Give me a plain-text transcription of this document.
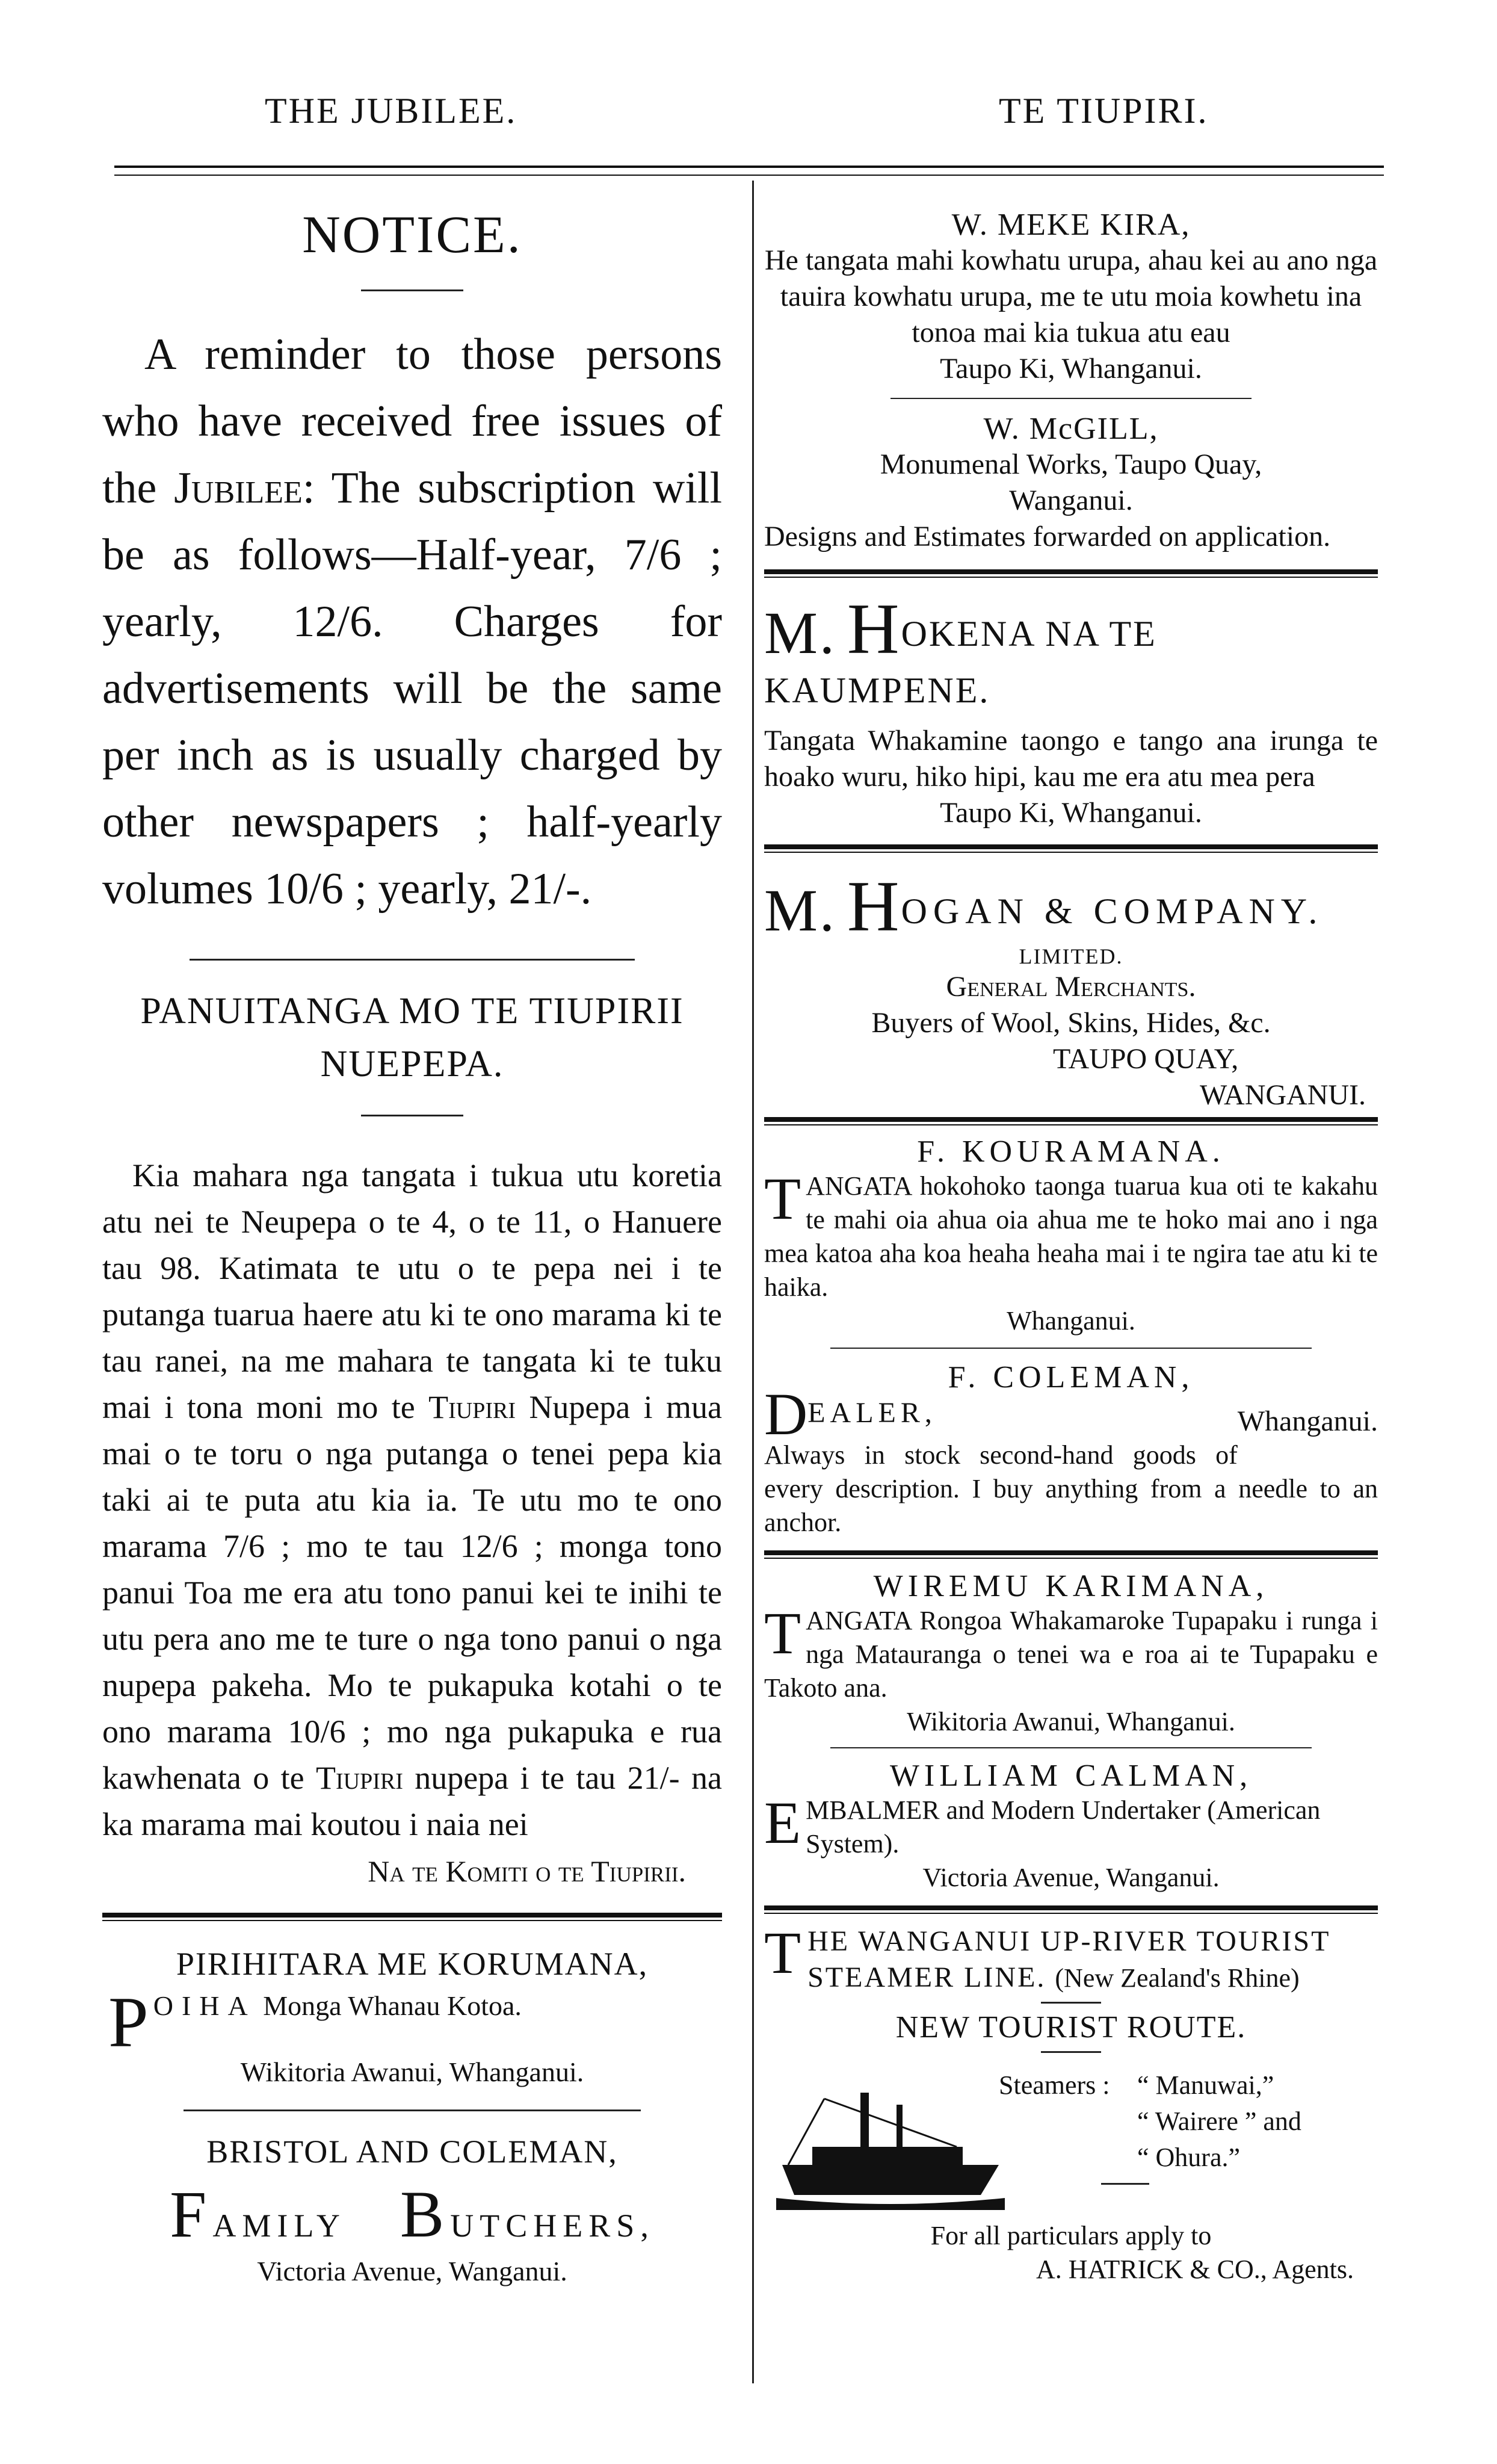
THE JUBILEE.	TE TIUPIRI.
NOTICE.

A reminder to those persons who have received free issues of the Jubilee: The subscription will be as follows—Half-year, 7/6 ; yearly, 12/6. Charges for advertisements will be the same per inch as is usually charged by other newspapers ; half-yearly volumes 10/6 ; yearly, 21/-.

PANUITANGA MO TE TIUPIRII
NUEPEPA.

Kia mahara nga tangata i tukua utu koretia atu nei te Neupepa o te 4, o te 11, o Hanuere tau 98. Katimata te utu o te pepa nei i te putanga tuarua haere atu ki te ono marama ki te tau ranei, na me mahara te tangata ki te tuku mai i tona moni mo te Tiupiri Nupepa i mua mai o te toru o nga putanga o tenei pepa kia taki ai te puta atu kia ia. Te utu mo te ono marama 7/6 ; mo te tau 12/6 ; monga tono panui Toa me era atu tono panui kei te inihi te utu pera ano me te ture o nga tono panui o nga nupepa pakeha. Mo te pukapuka kotahi o te ono marama 10/6 ; mo nga pukapuka e rua kawhenata o te Tiupiri nupepa i te tau 21/- na ka marama mai koutou i naia nei

Na te Komiti o te Tiupirii.
PIRIHITARA ME KORUMANA,
POIHA Monga Whanau Kotoa.
Wikitoria Awanui, Whanganui.
BRISTOL AND COLEMAN,
FAMILY BUTCHERS,
Victoria Avenue, Wanganui.
W. MEKE KIRA,
He tangata mahi kowhatu urupa, ahau kei au ano nga tauira kowhatu urupa, me te utu moia kowhetu ina tonoa mai kia tukua atu eau
Taupo Ki, Whanganui.
W. McGILL,
Monumenal Works, Taupo Quay,
Wanganui.
Designs and Estimates forwarded on application.
M. HOKENA NA TE KAUMPENE.
Tangata Whakamine taongo e tango ana irunga te hoako wuru, hiko hipi, kau me era atu mea pera
Taupo Ki, Whanganui.
M. HOGAN & COMPANY.
LIMITED.
General Merchants.
Buyers of Wool, Skins, Hides, &c.
TAUPO QUAY,
WANGANUI.
F. KOURAMANA.
TANGATA hokohoko taonga tuarua kua oti te kakahu te mahi oia ahua oia ahua me te hoko mai ano i nga mea katoa aha koa heaha heaha mai i te ngira tae atu ki te haika.
Whanganui.
F. COLEMAN,
DEALER,	Whanganui.
Always in stock second-hand goods of every description. I buy anything from a needle to an anchor.
WIREMU KARIMANA,
TANGATA Rongoa Whakamaroke Tupapaku i runga i nga Matauranga o tenei wa e roa ai te Tupapaku e Takoto ana.
Wikitoria Awanui, Whanganui.
WILLIAM CALMAN,
EMBALMER and Modern Undertaker (American System).
Victoria Avenue, Wanganui.
THE WANGANUI UP-RIVER TOURIST
STEAMER LINE. (New Zealand's Rhine)
NEW TOURIST ROUTE.
Steamers : “ Manuwai,”
“ Wairere ” and
“ Ohura.”
For all particulars apply to
A. HATRICK & CO., Agents.
